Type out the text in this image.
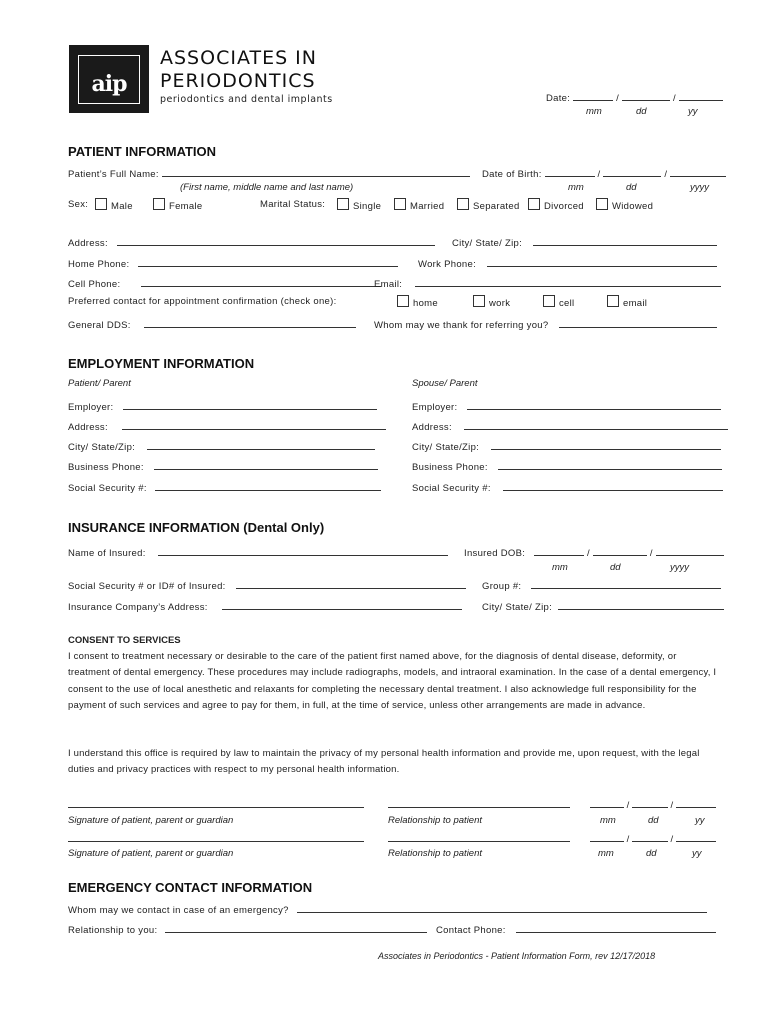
aip
ASSOCIATES IN
PERIODONTICS
periodontics and dental implants	Date:	/	/
mm	dd	yy
PATIENT INFORMATION
Patient’s Full Name:	Date of Birth:	/	/
(First name, middle name and last name)	mm	dd	yyyy
Sex:	Male	Female	Marital Status:	Single	Married	Separated	Divorced	Widowed
Address:	City/ State/ Zip:
Home Phone:	Work Phone:
Cell Phone:	Email:
Preferred contact for appointment confirmation (check one):	home	work	cell	email
General DDS:	Whom may we thank for referring you?
EMPLOYMENT INFORMATION
Patient/ Parent	Spouse/ Parent
Employer:	Employer:
Address:	Address:
City/ State/Zip:	City/ State/Zip:
Business Phone:	Business Phone:
Social Security #:	Social Security #:
INSURANCE INFORMATION (Dental Only)
Name of Insured:	Insured DOB:	/	/
mm	dd	yyyy
Social Security # or ID# of Insured:	Group #:
Insurance Company’s Address:	City/ State/ Zip:
CONSENT TO SERVICES
I consent to treatment necessary or desirable to the care of the patient first named above, for the diagnosis of dental disease, deformity, or treatment of dental emergency. These procedures may include radiographs, models, and intraoral examination. In the case of a dental emergency, I consent to the use of local anesthetic and relaxants for completing the necessary dental treatment. I also acknowledge full responsibility for the payment of such services and agree to pay for them, in full, at the time of service, unless other arrangements are made in advance.
I understand this office is required by law to maintain the privacy of my personal health information and provide me, upon request, with the legal duties and privacy practices with respect to my personal health information.
/	/
Signature of patient, parent or guardian	Relationship to patient	mm	dd	yy
/	/
Signature of patient, parent or guardian	Relationship to patient	mm	dd	yy
EMERGENCY CONTACT INFORMATION
Whom may we contact in case of an emergency?
Relationship to you:	Contact Phone:
Associates in Periodontics - Patient Information Form, rev 12/17/2018
